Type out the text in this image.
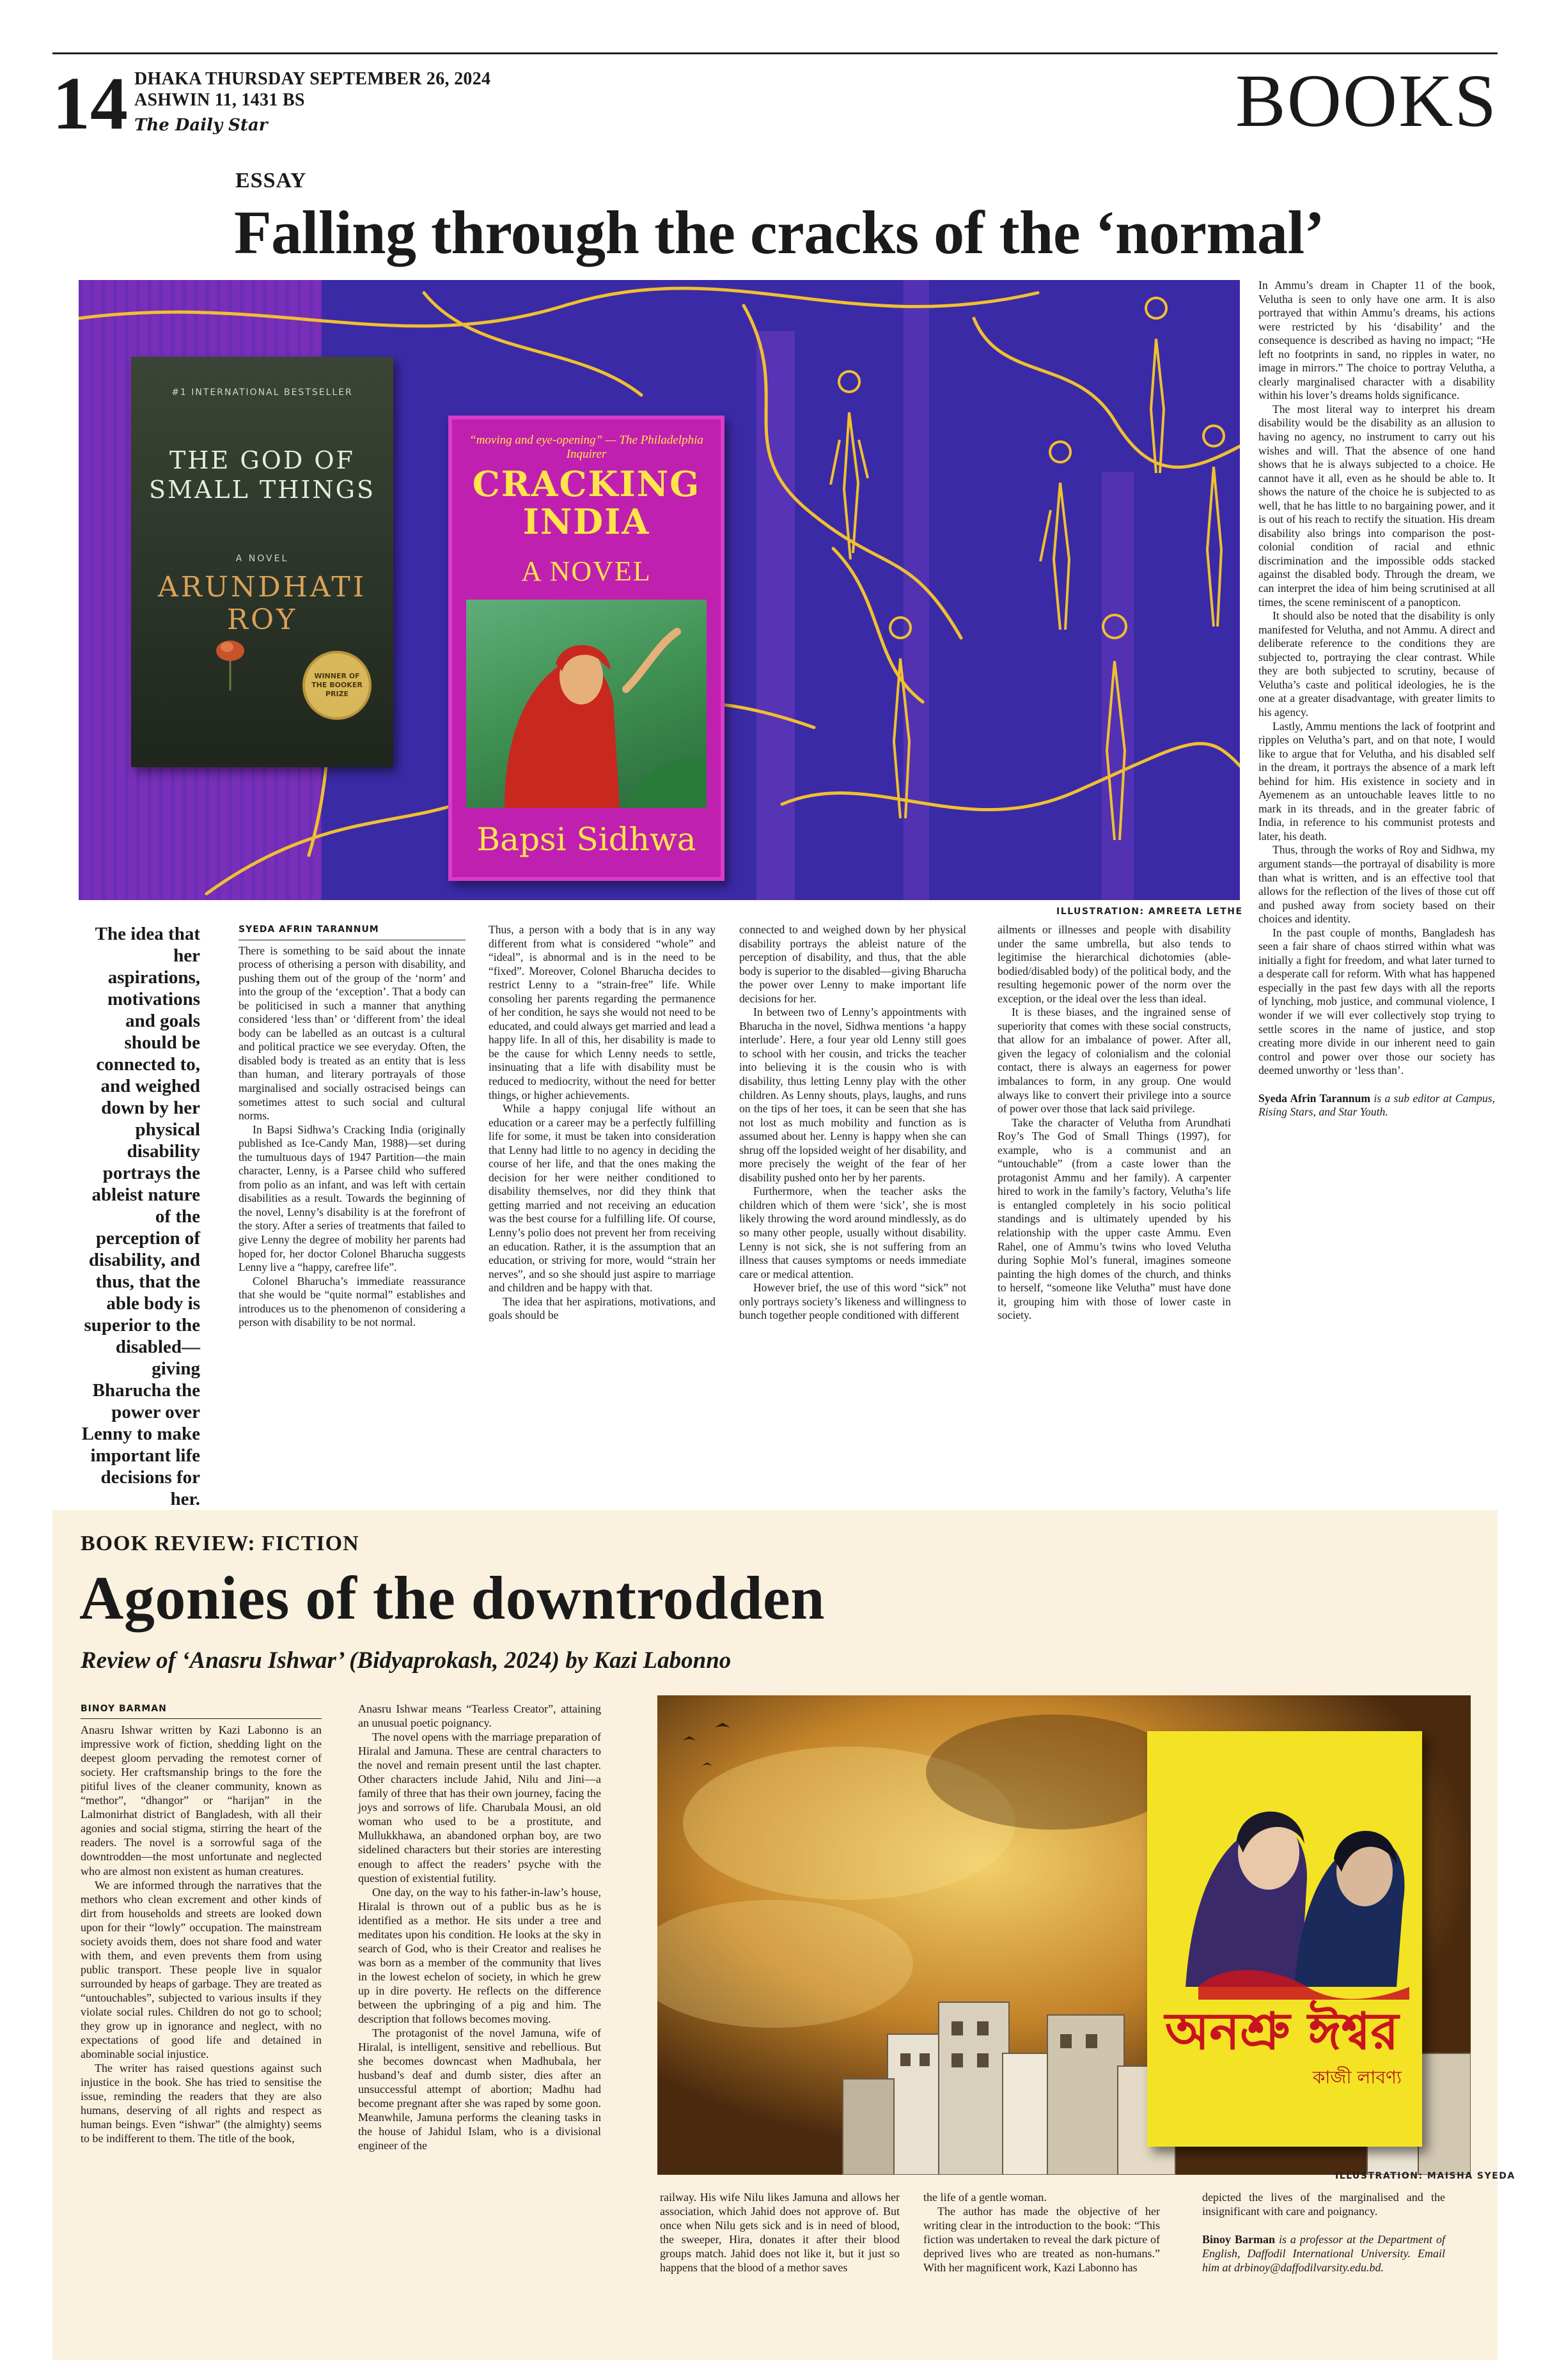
14 DHAKA THURSDAY SEPTEMBER 26, 2024
ASHWIN 11, 1431 BS
The Daily Star	BOOKS
ESSAY
Falling through the cracks of the ‘normal’
#1 INTERNATIONAL BESTSELLER
THE GOD OF SMALL THINGS
A NOVEL
ARUNDHATI ROY
WINNER OF THE BOOKER PRIZE
“moving and eye-opening” — The Philadelphia Inquirer
CRACKING INDIA
A NOVEL
Bapsi Sidhwa
ILLUSTRATION: AMREETA LETHE
The idea that her aspirations, motivations and goals should be connected to, and weighed down by her physical disability portrays the ableist nature of the perception of disability, and thus, that the able body is superior to the disabled—giving Bharucha the power over Lenny to make important life decisions for her.
SYEDA AFRIN TARANNUM

There is something to be said about the innate process of otherising a person with disability, and pushing them out of the group of the ‘norm’ and into the group of the ‘exception’. That a body can be politicised in such a manner that anything considered ‘less than’ or ‘different from’ the ideal body can be labelled as an outcast is a cultural and political practice we see everyday. Often, the disabled body is treated as an entity that is less than human, and literary portrayals of those marginalised and socially ostracised beings can sometimes attest to such social and cultural norms.

In Bapsi Sidhwa’s Cracking India (originally published as Ice-Candy Man, 1988)—set during the tumultuous days of 1947 Partition—the main character, Lenny, is a Parsee child who suffered from polio as an infant, and was left with certain disabilities as a result. Towards the beginning of the novel, Lenny’s disability is at the forefront of the story. After a series of treatments that failed to give Lenny the degree of mobility her parents had hoped for, her doctor Colonel Bharucha suggests Lenny live a “happy, carefree life”.

Colonel Bharucha’s immediate reassurance that she would be “quite normal” establishes and introduces us to the phenomenon of considering a person with disability to be not normal.

Thus, a person with a body that is in any way different from what is considered “whole” and “ideal”, is abnormal and is in the need to be “fixed”. Moreover, Colonel Bharucha decides to restrict Lenny to a “strain-free” life. While consoling her parents regarding the permanence of her condition, he says she would not need to be educated, and could always get married and lead a happy life. In all of this, her disability is made to be the cause for which Lenny needs to settle, insinuating that a life with disability must be reduced to mediocrity, without the need for better things, or higher achievements.

While a happy conjugal life without an education or a career may be a perfectly fulfilling life for some, it must be taken into consideration that Lenny had little to no agency in deciding the course of her life, and that the ones making the decision for her were neither conditioned to disability themselves, nor did they think that getting married and not receiving an education was the best course for a fulfilling life. Of course, Lenny’s polio does not prevent her from receiving an education. Rather, it is the assumption that an education, or striving for more, would “strain her nerves”, and so she should just aspire to marriage and children and be happy with that.

The idea that her aspirations, motivations, and goals should be

connected to and weighed down by her physical disability portrays the ableist nature of the perception of disability, and thus, that the able body is superior to the disabled—giving Bharucha the power over Lenny to make important life decisions for her.

In between two of Lenny’s appointments with Bharucha in the novel, Sidhwa mentions ‘a happy interlude’. Here, a four year old Lenny still goes to school with her cousin, and tricks the teacher into believing it is the cousin who is with disability, thus letting Lenny play with the other children. As Lenny shouts, plays, laughs, and runs on the tips of her toes, it can be seen that she has not lost as much mobility and function as is assumed about her. Lenny is happy when she can shrug off the lopsided weight of her disability, and more precisely the weight of the fear of her disability pushed onto her by her parents.

Furthermore, when the teacher asks the children which of them were ‘sick’, she is most likely throwing the word around mindlessly, as do so many other people, usually without disability. Lenny is not sick, she is not suffering from an illness that causes symptoms or needs immediate care or medical attention.

However brief, the use of this word “sick” not only portrays society’s likeness and willingness to bunch together people conditioned with different

ailments or illnesses and people with disability under the same umbrella, but also tends to legitimise the hierarchical dichotomies (able-bodied/disabled body) of the political body, and the resulting hegemonic power of the norm over the exception, or the ideal over the less than ideal.

It is these biases, and the ingrained sense of superiority that comes with these social constructs, that allow for an imbalance of power. After all, given the legacy of colonialism and the colonial contact, there is always an eagerness for power imbalances to form, in any group. One would always like to convert their privilege into a source of power over those that lack said privilege.

Take the character of Velutha from Arundhati Roy’s The God of Small Things (1997), for example, who is a communist and an “untouchable” (from a caste lower than the protagonist Ammu and her family). A carpenter hired to work in the family’s factory, Velutha’s life is entangled completely in his socio political standings and is ultimately upended by his relationship with the upper caste Ammu. Even Rahel, one of Ammu’s twins who loved Velutha during Sophie Mol’s funeral, imagines someone painting the high domes of the church, and thinks to herself, “someone like Velutha” must have done it, grouping him with those of lower caste in society.

In Ammu’s dream in Chapter 11 of the book, Velutha is seen to only have one arm. It is also portrayed that within Ammu’s dreams, his actions were restricted by his ‘disability’ and the consequence is described as having no impact; “He left no footprints in sand, no ripples in water, no image in mirrors.” The choice to portray Velutha, a clearly marginalised character with a disability within his lover’s dreams holds significance.

The most literal way to interpret his dream disability would be the disability as an allusion to having no agency, no instrument to carry out his wishes and will. That the absence of one hand shows that he is always subjected to a choice. He cannot have it all, even as he should be able to. It shows the nature of the choice he is subjected to as well, that he has little to no bargaining power, and it is out of his reach to rectify the situation. His dream disability also brings into comparison the post-colonial condition of racial and ethnic discrimination and the impossible odds stacked against the disabled body. Through the dream, we can interpret the idea of him being scrutinised at all times, the scene reminiscent of a panopticon.

It should also be noted that the disability is only manifested for Velutha, and not Ammu. A direct and deliberate reference to the conditions they are subjected to, portraying the clear contrast. While they are both subjected to scrutiny, because of Velutha’s caste and political ideologies, he is the one at a greater disadvantage, with greater limits to his agency.

Lastly, Ammu mentions the lack of footprint and ripples on Velutha’s part, and on that note, I would like to argue that for Velutha, and his disabled self in the dream, it portrays the absence of a mark left behind for him. His existence in society and in Ayemenem as an untouchable leaves little to no mark in its threads, and in the greater fabric of India, in reference to his communist protests and later, his death.

Thus, through the works of Roy and Sidhwa, my argument stands—the portrayal of disability is more than what is written, and is an effective tool that allows for the reflection of the lives of those cut off and pushed away from society based on their choices and identity.

In the past couple of months, Bangladesh has seen a fair share of chaos stirred within what was initially a fight for freedom, and what later turned to a desperate call for reform. With what has happened especially in the past few days with all the reports of lynching, mob justice, and communal violence, I wonder if we will ever collectively stop trying to settle scores in the name of justice, and stop creating more divide in our inherent need to gain control and power over those our society has deemed unworthy or ‘less than’.

Syeda Afrin Tarannum is a sub editor at Campus, Rising Stars, and Star Youth.

BOOK REVIEW: FICTION
Agonies of the downtrodden
Review of ‘Anasru Ishwar’ (Bidyaprokash, 2024) by Kazi Labonno
অনশ্রু ঈশ্বর
কাজী লাবণ্য
ILLUSTRATION: MAISHA SYEDA
BINOY BARMAN

Anasru Ishwar written by Kazi Labonno is an impressive work of fiction, shedding light on the deepest gloom pervading the remotest corner of society. Her craftsmanship brings to the fore the pitiful lives of the cleaner community, known as “methor”, “dhangor” or “harijan” in the Lalmonirhat district of Bangladesh, with all their agonies and social stigma, stirring the heart of the readers. The novel is a sorrowful saga of the downtrodden—the most unfortunate and neglected who are almost non existent as human creatures.

We are informed through the narratives that the methors who clean excrement and other kinds of dirt from households and streets are looked down upon for their “lowly” occupation. The mainstream society avoids them, does not share food and water with them, and even prevents them from using public transport. These people live in squalor surrounded by heaps of garbage. They are treated as “untouchables”, subjected to various insults if they violate social rules. Children do not go to school; they grow up in ignorance and neglect, with no expectations of good life and detained in abominable social injustice.

The writer has raised questions against such injustice in the book. She has tried to sensitise the issue, reminding the readers that they are also humans, deserving of all rights and respect as human beings. Even “ishwar” (the almighty) seems to be indifferent to them. The title of the book,

Anasru Ishwar means “Tearless Creator”, attaining an unusual poetic poignancy.

The novel opens with the marriage preparation of Hiralal and Jamuna. These are central characters to the novel and remain present until the last chapter. Other characters include Jahid, Nilu and Jini—a family of three that has their own journey, facing the joys and sorrows of life. Charubala Mousi, an old woman who used to be a prostitute, and Mullukkhawa, an abandoned orphan boy, are two sidelined characters but their stories are interesting enough to affect the readers’ psyche with the question of existential futility.

One day, on the way to his father-in-law’s house, Hiralal is thrown out of a public bus as he is identified as a methor. He sits under a tree and meditates upon his condition. He looks at the sky in search of God, who is their Creator and realises he was born as a member of the community that lives in the lowest echelon of society, in which he grew up in dire poverty. He reflects on the difference between the upbringing of a pig and him. The description that follows becomes moving.

The protagonist of the novel Jamuna, wife of Hiralal, is intelligent, sensitive and rebellious. But she becomes downcast when Madhubala, her husband’s deaf and dumb sister, dies after an unsuccessful attempt of abortion; Madhu had become pregnant after she was raped by some goon. Meanwhile, Jamuna performs the cleaning tasks in the house of Jahidul Islam, who is a divisional engineer of the

railway. His wife Nilu likes Jamuna and allows her association, which Jahid does not approve of. But once when Nilu gets sick and is in need of blood, the sweeper, Hira, donates it after their blood groups match. Jahid does not like it, but it just so happens that the blood of a methor saves

the life of a gentle woman.

The author has made the objective of her writing clear in the introduction to the book: “This fiction was undertaken to reveal the dark picture of deprived lives who are treated as non-humans.” With her magnificent work, Kazi Labonno has

depicted the lives of the marginalised and the insignificant with care and poignancy.

Binoy Barman is a professor at the Department of English, Daffodil International University. Email him at drbinoy@daffodilvarsity.edu.bd.
